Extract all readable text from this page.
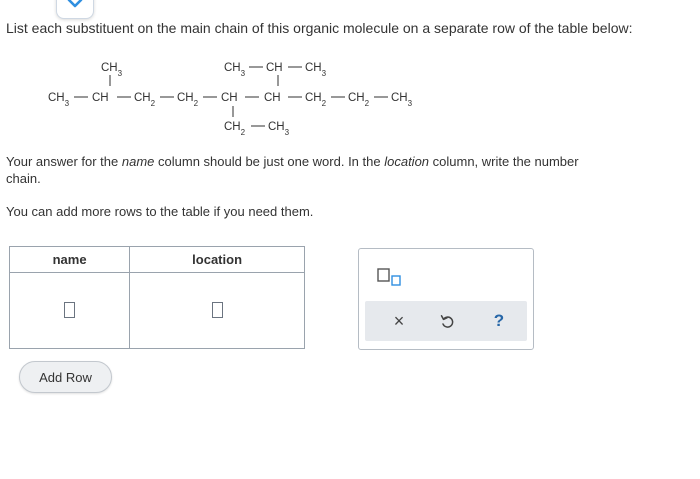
List each substituent on the main chain of this organic molecule on a separate row of the table below:
$CH_3$	$CH_3$ CH $CH_3$
$CH_3$ CH $CH_2$ $CH_2$ CH CH $CH_2$ $CH_2$ $CH_3$
$CH_2$ $CH_3$
Your answer for the name column should be just one word. In the location column, write the number
chain.
You can add more rows to the table if you need them.
name	location

×	?
Add Row
